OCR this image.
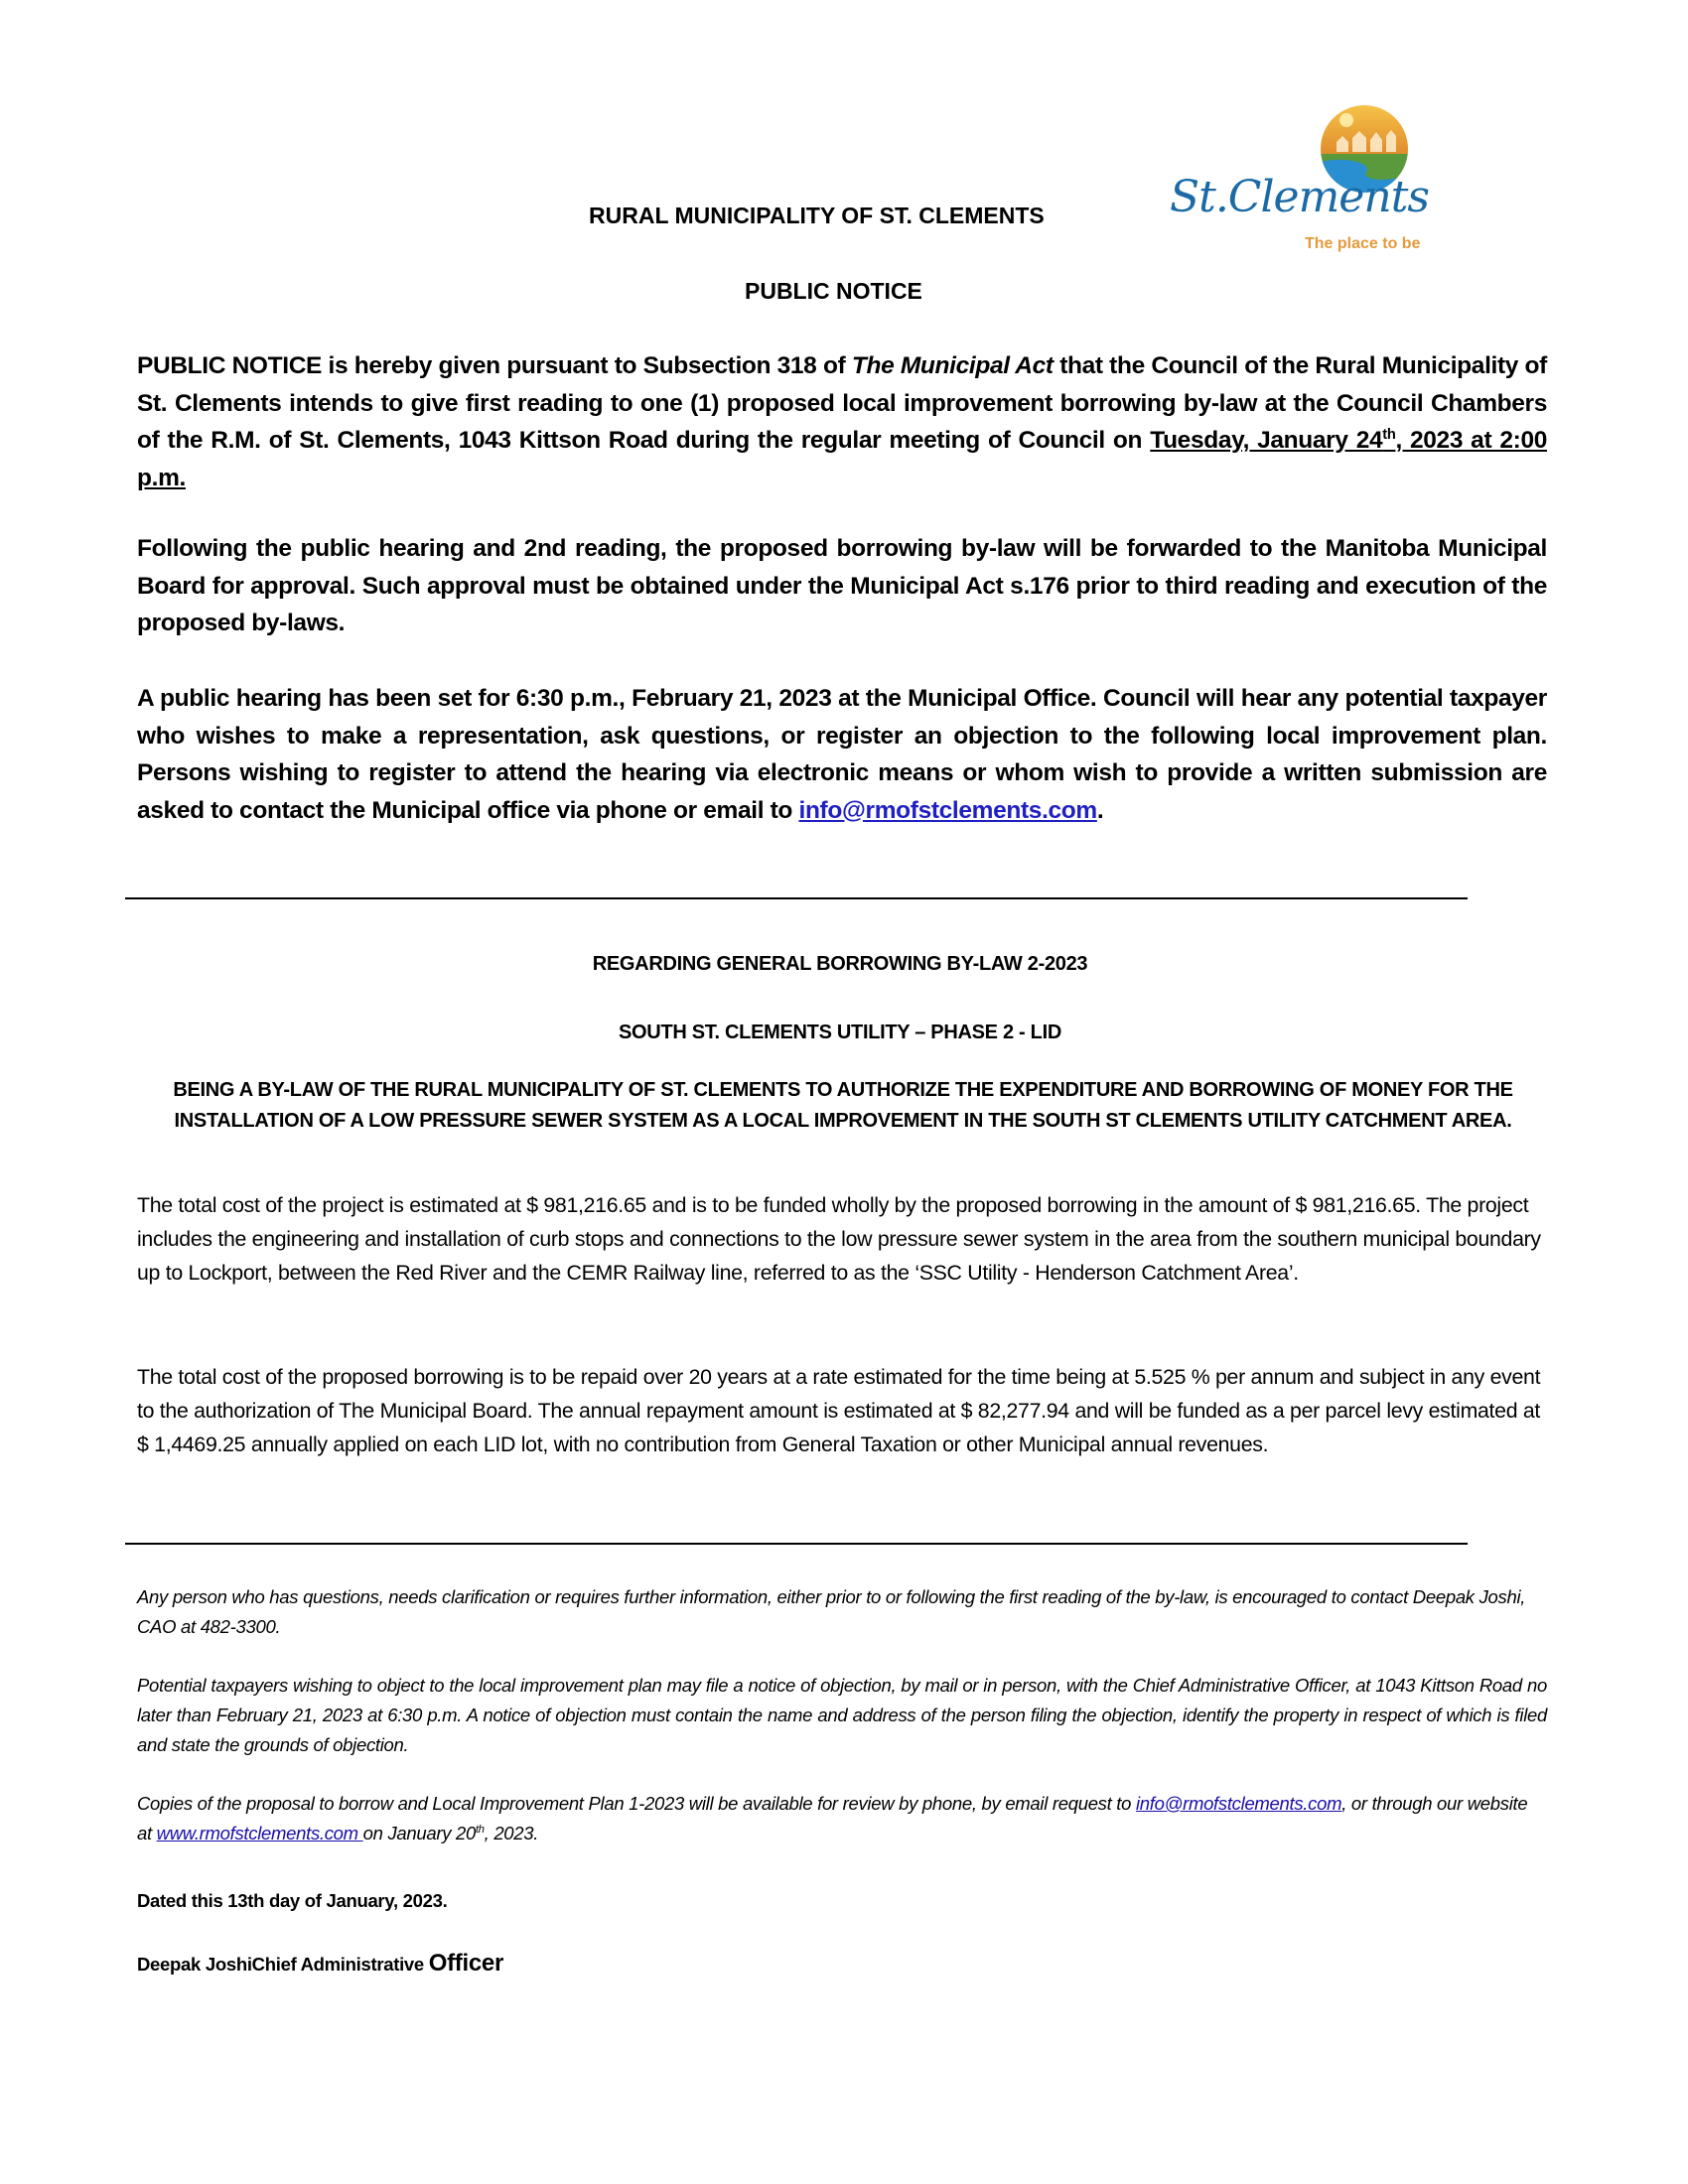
St.Clements
The place to be
RURAL MUNICIPALITY OF ST. CLEMENTS
PUBLIC NOTICE
PUBLIC NOTICE is hereby given pursuant to Subsection 318 of The Municipal Act that the Council of the Rural Municipality of St. Clements intends to give first reading to one (1) proposed local improvement borrowing by-law at the Council Chambers of the R.M. of St. Clements, 1043 Kittson Road during the regular meeting of Council on Tuesday, January 24th, 2023 at 2:00 p.m.
Following the public hearing and 2nd reading, the proposed borrowing by-law will be forwarded to the Manitoba Municipal Board for approval. Such approval must be obtained under the Municipal Act s.176 prior to third reading and execution of the proposed by-laws.
A public hearing has been set for 6:30 p.m., February 21, 2023 at the Municipal Office. Council will hear any potential taxpayer who wishes to make a representation, ask questions, or register an objection to the following local improvement plan. Persons wishing to register to attend the hearing via electronic means or whom wish to provide a written submission are asked to contact the Municipal office via phone or email to info@rmofstclements.com.
REGARDING GENERAL BORROWING BY-LAW 2-2023
SOUTH ST. CLEMENTS UTILITY – PHASE 2 - LID
BEING A BY-LAW OF THE RURAL MUNICIPALITY OF ST. CLEMENTS TO AUTHORIZE THE EXPENDITURE AND BORROWING OF MONEY FOR THE INSTALLATION OF A LOW PRESSURE SEWER SYSTEM AS A LOCAL IMPROVEMENT IN THE SOUTH ST CLEMENTS UTILITY CATCHMENT AREA.
The total cost of the project is estimated at $ 981,216.65 and is to be funded wholly by the proposed borrowing in the amount of $ 981,216.65. The project includes the engineering and installation of curb stops and connections to the low pressure sewer system in the area from the southern municipal boundary up to Lockport, between the Red River and the CEMR Railway line, referred to as the ‘SSC Utility - Henderson Catchment Area’.
The total cost of the proposed borrowing is to be repaid over 20 years at a rate estimated for the time being at 5.525 % per annum and subject in any event to the authorization of The Municipal Board. The annual repayment amount is estimated at $ 82,277.94 and will be funded as a per parcel levy estimated at $ 1,4469.25 annually applied on each LID lot, with no contribution from General Taxation or other Municipal annual revenues.
Any person who has questions, needs clarification or requires further information, either prior to or following the first reading of the by-law, is encouraged to contact Deepak Joshi, CAO at 482-3300.
Potential taxpayers wishing to object to the local improvement plan may file a notice of objection, by mail or in person, with the Chief Administrative Officer, at 1043 Kittson Road no later than February 21, 2023 at 6:30 p.m. A notice of objection must contain the name and address of the person filing the objection, identify the property in respect of which is filed and state the grounds of objection.
Copies of the proposal to borrow and Local Improvement Plan 1-2023 will be available for review by phone, by email request to info@rmofstclements.com, or through our website at www.rmofstclements.com on January 20th, 2023.
Dated this 13th day of January, 2023.
Deepak JoshiChief Administrative Officer
